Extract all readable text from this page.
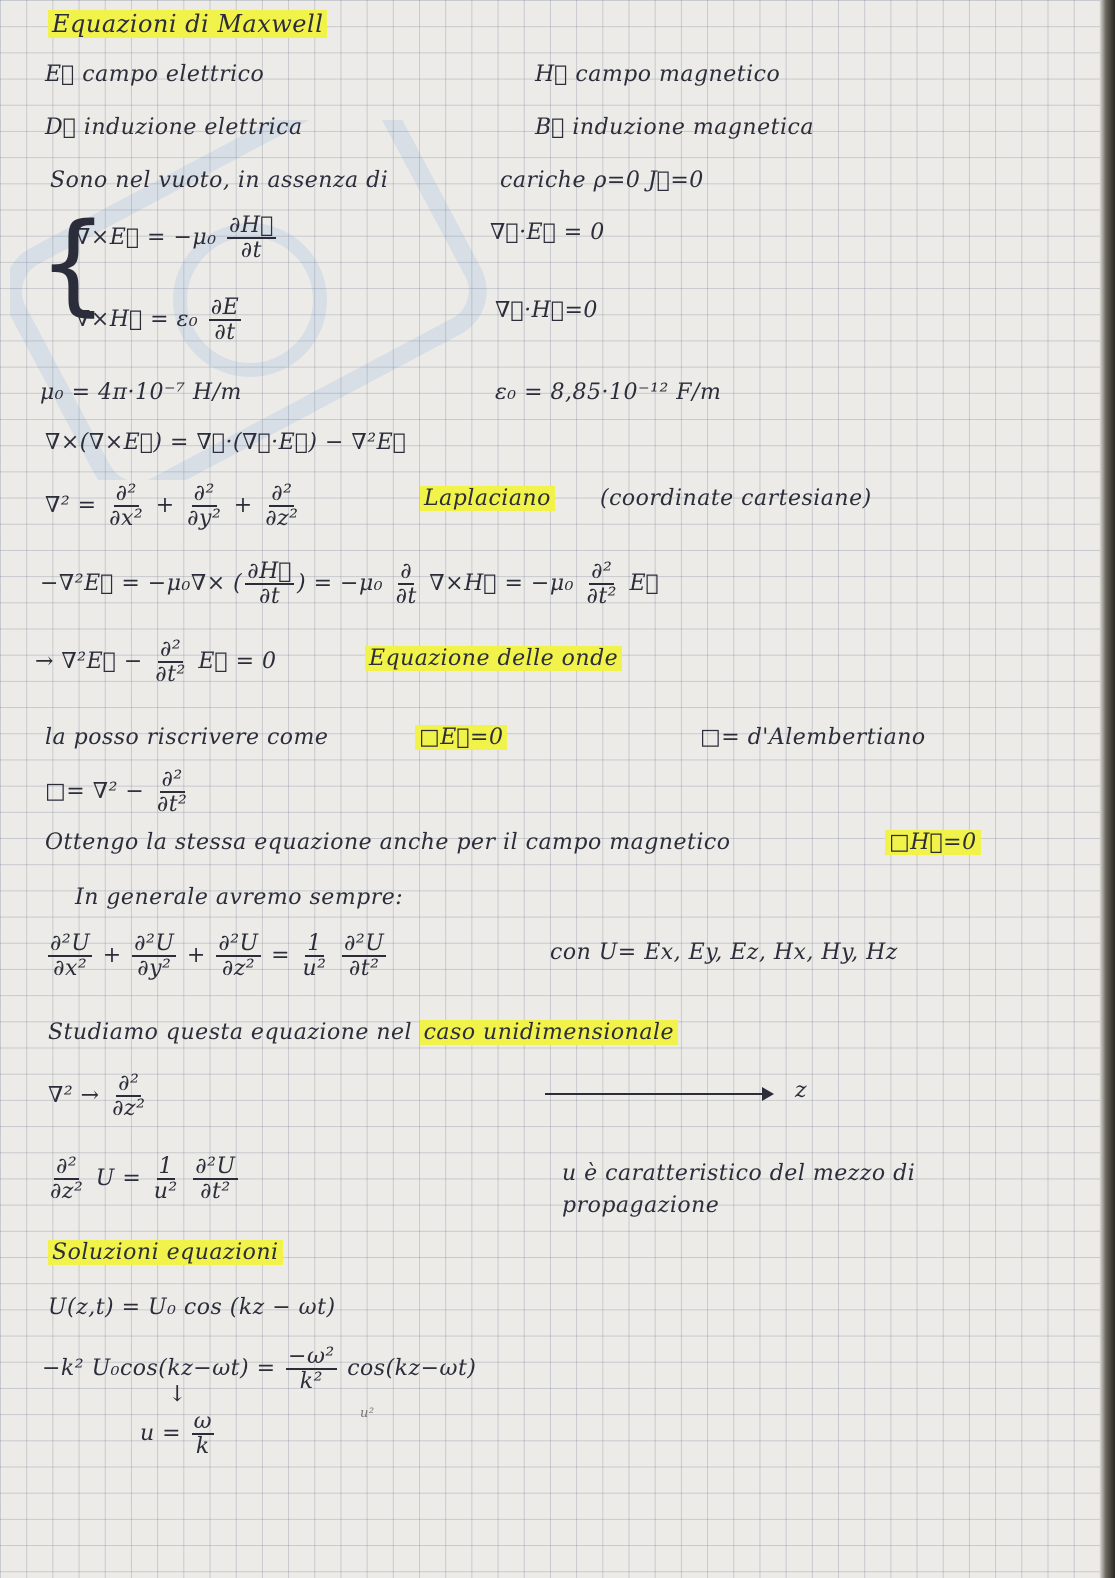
Equazioni di Maxwell
E⃗ campo elettrico	H⃗ campo magnetico
D⃗ induzione elettrica	B⃗ induzione magnetica
Sono nel vuoto, in assenza di	cariche ρ=0 J⃗=0
{
∇×E⃗ = $-\mu_0 \frac{\partial H⃗}{\partial t}$
∇×H⃗ = $\varepsilon_0 \frac{\partial E}{\partial t}$
∇⃗·E⃗ = 0
∇⃗·H⃗=0
μ₀ = 4π·10⁻⁷ H/m	ε₀ = 8,85·10⁻¹² F/m
∇×(∇×E⃗) = ∇⃗·(∇⃗·E⃗) − ∇²E⃗
$\nabla^2 = \frac{\text{∂²}}{\text{∂x²}} + \frac{\text{∂²}}{\text{∂y²}} + \frac{\text{∂²}}{\text{∂z²}}$	Laplaciano (coordinate cartesiane)
−∇²E⃗ = −μ₀∇× ( $\frac{\partial H⃗}{\partial t}$ ) = $-\mu_0 \frac{\partial}{\partial t}$ ∇×H⃗ = $-\mu_0 \frac{\text{∂²}}{\text{∂t²}}$ E⃗
→ ∇²E⃗ − $\frac{\text{∂²}}{\text{∂t²}}$ E⃗ = 0	Equazione delle onde
la posso riscrivere come	□E⃗=0	□= d'Alembertiano
□= $\nabla^2 - \frac{\text{∂²}}{\text{∂t²}}$
Ottengo la stessa equazione anche per il campo magnetico	□H⃗=0
In generale avremo sempre:
$\frac{\text{∂²U}}{\text{∂x²}} + \frac{\text{∂²U}}{\text{∂y²}} + \frac{\text{∂²U}}{\text{∂z²}} = \frac{1}{\text{u²}}$
$\frac{\text{∂²U}}{\text{∂t²}}$	con U= Ex, Ey, Ez, Hx, Hy, Hz
Studiamo questa equazione nel caso unidimensionale
$\nabla^2 \to \frac{\text{∂²}}{\text{∂z²}}$	z
$\frac{\text{∂²}}{\text{∂z²}}$ $U = \frac{1}{\text{u²}}$
$\frac{\text{∂²U}}{\text{∂t²}}$	u è caratteristico del mezzo di propagazione
Soluzioni equazioni
U(z,t) = U₀ cos (kz − ωt)
−k² $U_0\cos(kz-\omega t) = \frac{\text{−ω²}}{\text{k²}} \cos(kz-\omega t)$
↓
u²
$u = \frac{\omega}{k}$
